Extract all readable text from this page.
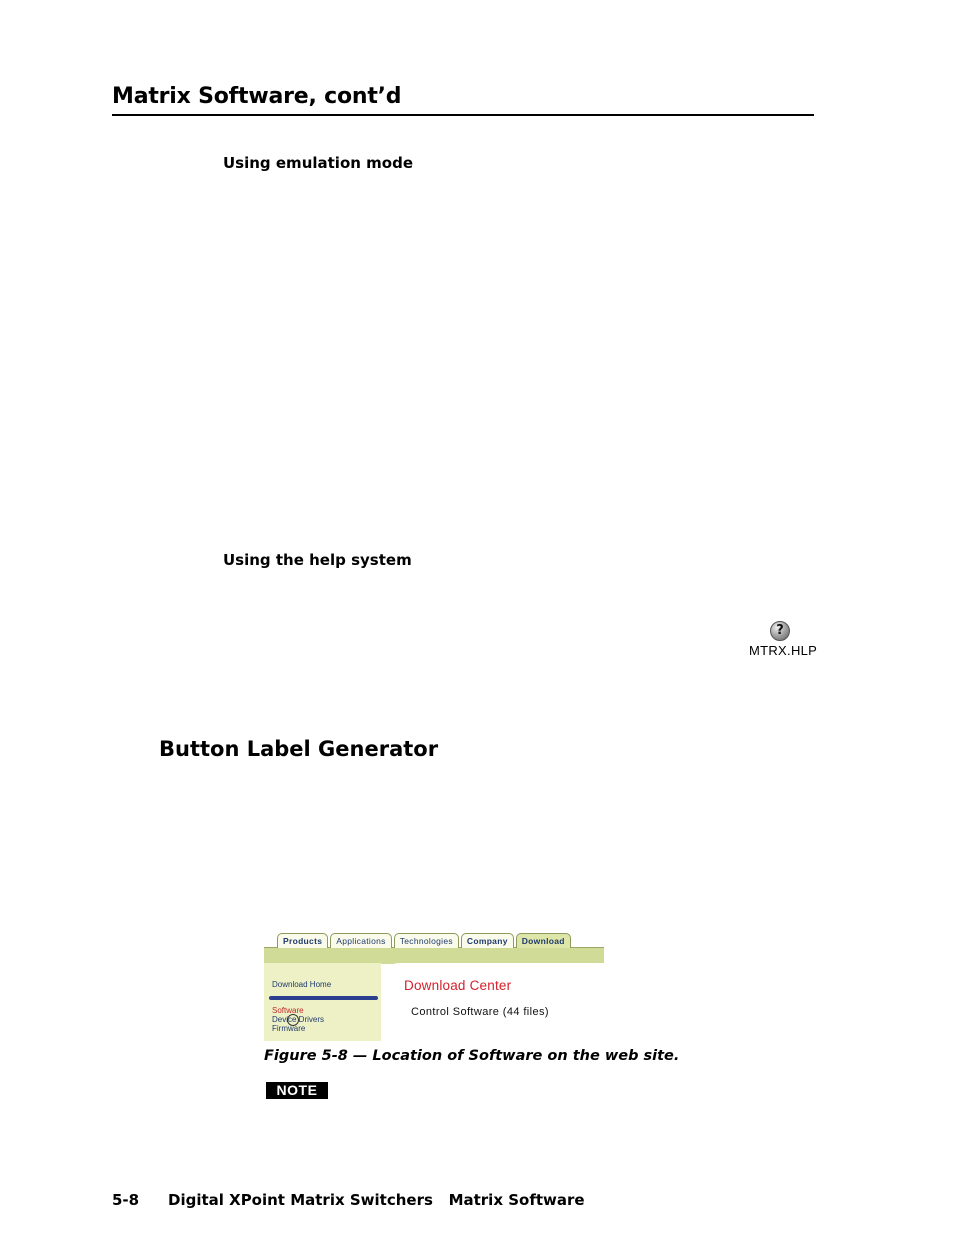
Matrix Software, cont’d
Using emulation mode
Using the help system
?
MTRX.HLP
Button Label Generator
Products	Applications	Technologies	Company	Download
Download Home
Software
Device Drivers
Firmware
Download Center
Control Software (44 files)
Figure 5-8 — Location of Software on the web site.
NOTE
5-8 Digital XPoint Matrix Switchers   Matrix Software
